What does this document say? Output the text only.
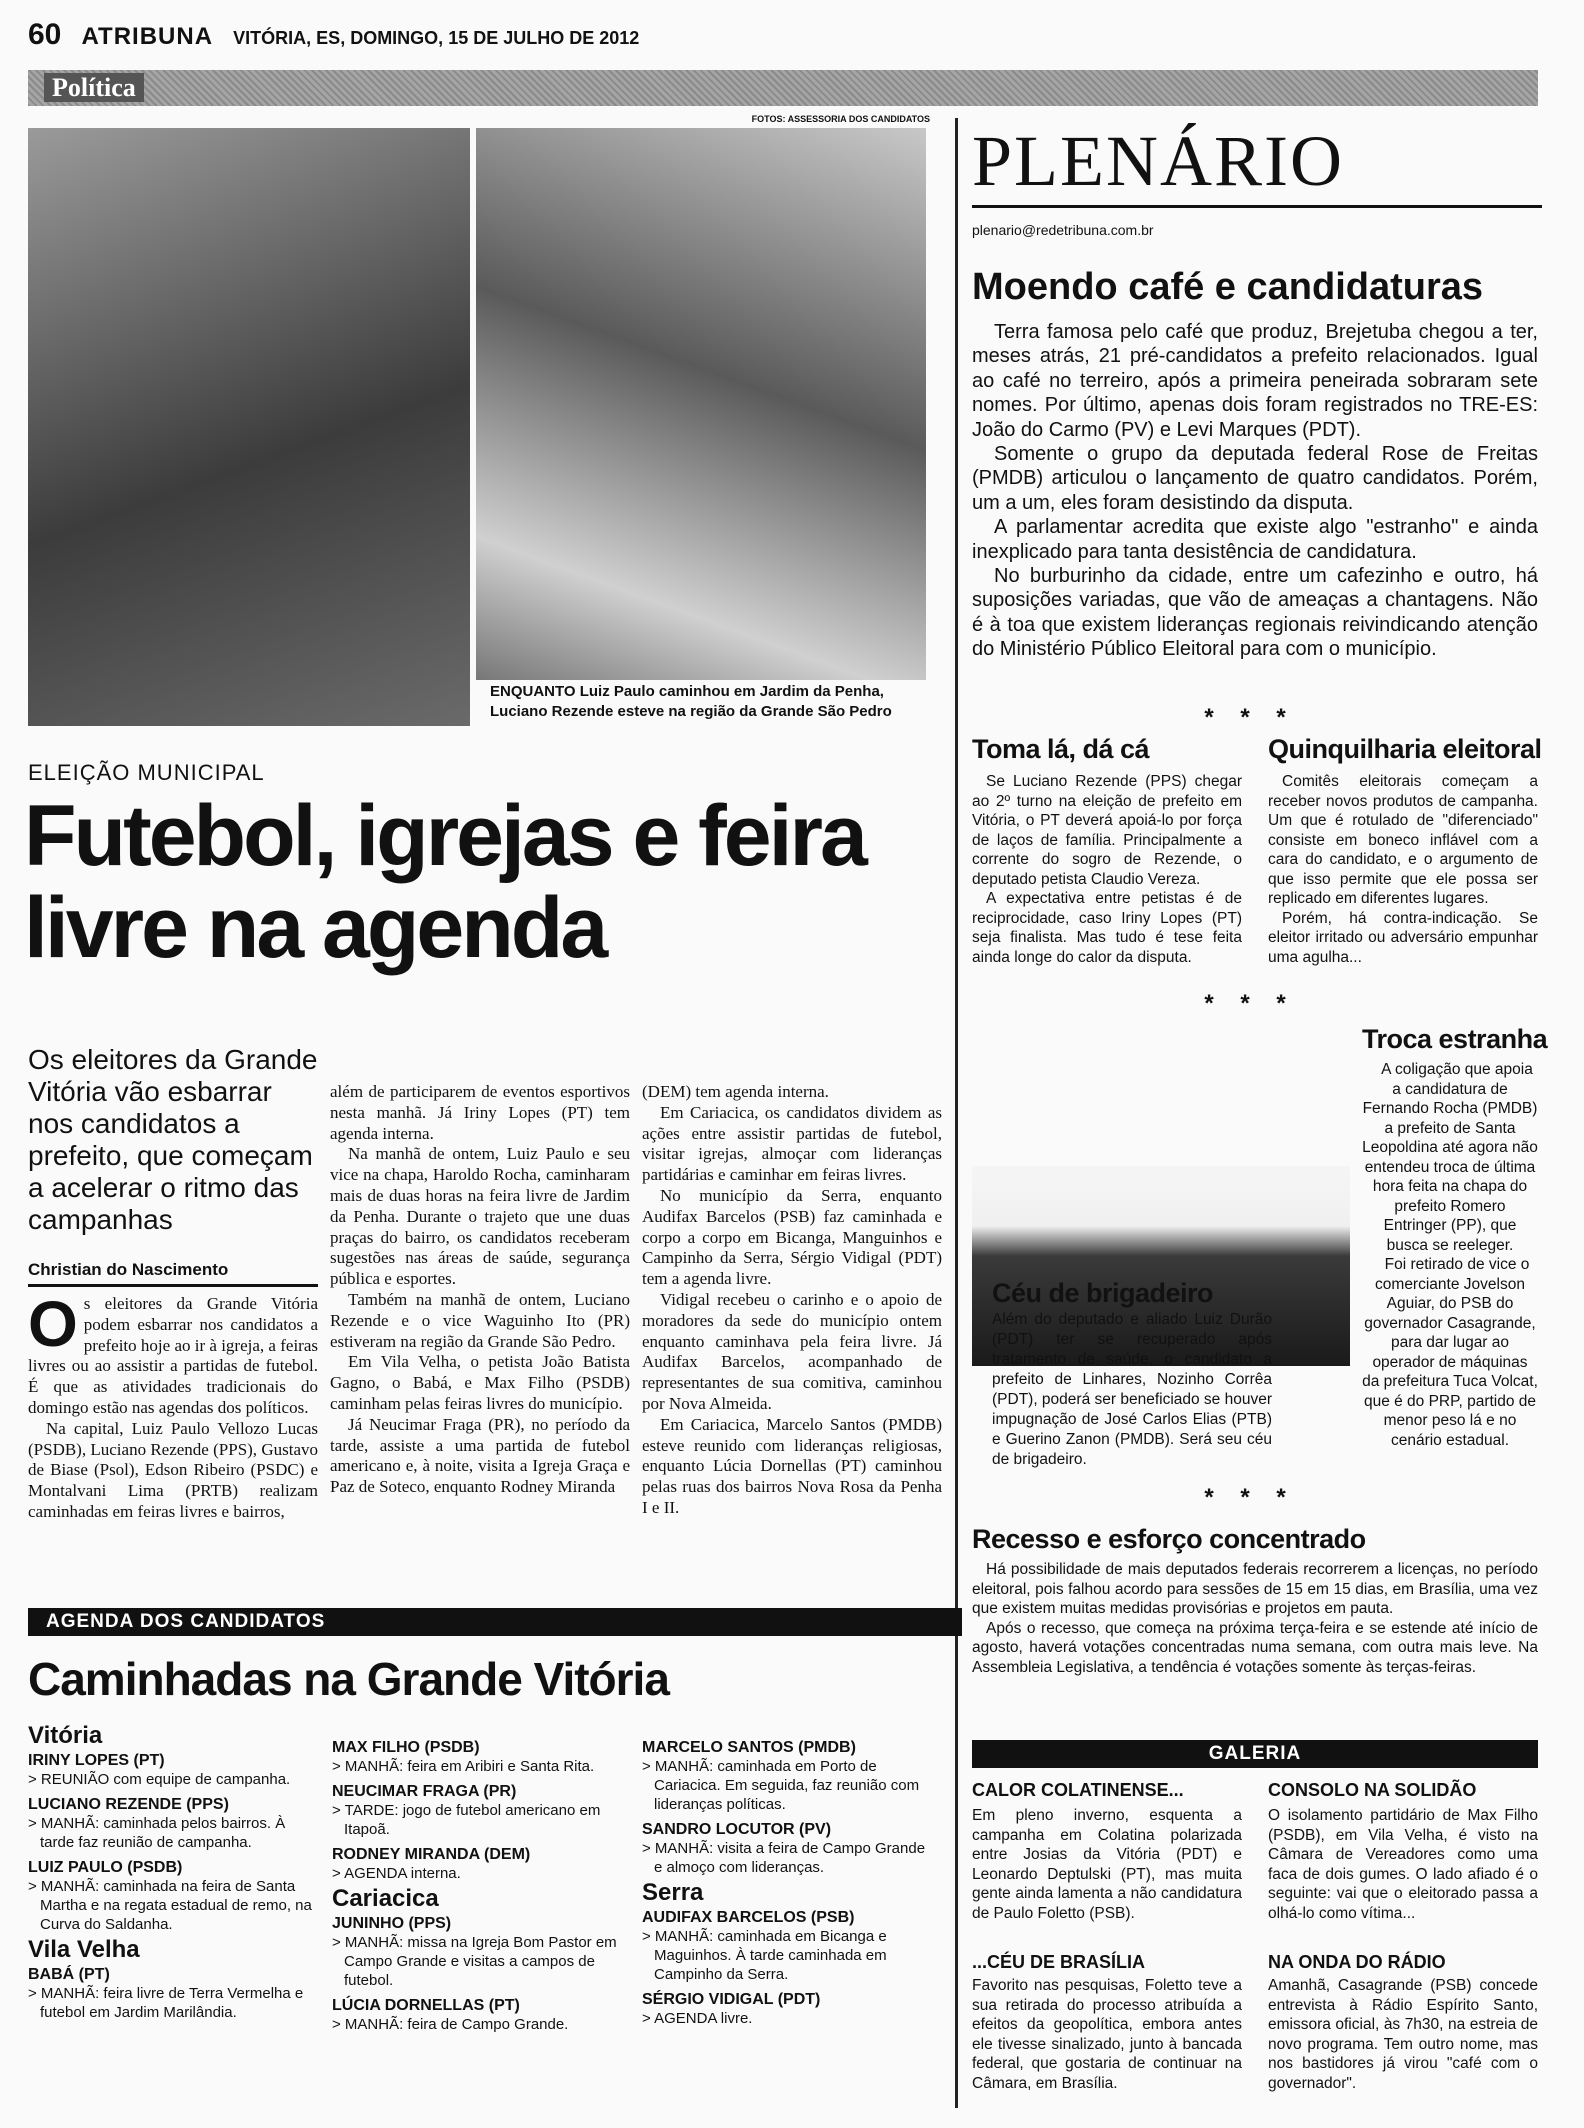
60 ATRIBUNA VITÓRIA, ES, DOMINGO, 15 DE JULHO DE 2012
Política
FOTOS: ASSESSORIA DOS CANDIDATOS
ENQUANTO Luiz Paulo caminhou em Jardim da Penha, Luciano Rezende esteve na região da Grande São Pedro
ELEIÇÃO MUNICIPAL
Futebol, igrejas e feira livre na agenda
Os eleitores da Grande Vitória vão esbarrar nos candidatos a prefeito, que começam a acelerar o ritmo das campanhas
Christian do Nascimento
O s eleitores da Grande Vitória podem esbarrar nos candidatos a prefeito hoje ao ir à igreja, a feiras livres ou ao assistir a partidas de futebol. É que as atividades tradicionais do domingo estão nas agendas dos políticos.

Na capital, Luiz Paulo Vellozo Lucas (PSDB), Luciano Rezende (PPS), Gustavo de Biase (Psol), Edson Ribeiro (PSDC) e Montalvani Lima (PRTB) realizam caminhadas em feiras livres e bairros,

além de participarem de eventos esportivos nesta manhã. Já Iriny Lopes (PT) tem agenda interna.

Na manhã de ontem, Luiz Paulo e seu vice na chapa, Haroldo Rocha, caminharam mais de duas horas na feira livre de Jardim da Penha. Durante o trajeto que une duas praças do bairro, os candidatos receberam sugestões nas áreas de saúde, segurança pública e esportes.

Também na manhã de ontem, Luciano Rezende e o vice Waguinho Ito (PR) estiveram na região da Grande São Pedro.

Em Vila Velha, o petista João Batista Gagno, o Babá, e Max Filho (PSDB) caminham pelas feiras livres do município.

Já Neucimar Fraga (PR), no período da tarde, assiste a uma partida de futebol americano e, à noite, visita a Igreja Graça e Paz de Soteco, enquanto Rodney Miranda

(DEM) tem agenda interna.

Em Cariacica, os candidatos dividem as ações entre assistir partidas de futebol, visitar igrejas, almoçar com lideranças partidárias e caminhar em feiras livres.

No município da Serra, enquanto Audifax Barcelos (PSB) faz caminhada e corpo a corpo em Bicanga, Manguinhos e Campinho da Serra, Sérgio Vidigal (PDT) tem a agenda livre.

Vidigal recebeu o carinho e o apoio de moradores da sede do município ontem enquanto caminhava pela feira livre. Já Audifax Barcelos, acompanhado de representantes de sua comitiva, caminhou por Nova Almeida.

Em Cariacica, Marcelo Santos (PMDB) esteve reunido com lideranças religiosas, enquanto Lúcia Dornellas (PT) caminhou pelas ruas dos bairros Nova Rosa da Penha I e II.

AGENDA DOS CANDIDATOS
Caminhadas na Grande Vitória
Vitória
IRINY LOPES (PT)
> REUNIÃO com equipe de campanha.
LUCIANO REZENDE (PPS)
> MANHÃ: caminhada pelos bairros. À tarde faz reunião de campanha.
LUIZ PAULO (PSDB)
> MANHÃ: caminhada na feira de Santa Martha e na regata estadual de remo, na Curva do Saldanha.
Vila Velha
BABÁ (PT)
> MANHÃ: feira livre de Terra Vermelha e futebol em Jardim Marilândia.
MAX FILHO (PSDB)
> MANHÃ: feira em Aribiri e Santa Rita.
NEUCIMAR FRAGA (PR)
> TARDE: jogo de futebol americano em Itapoã.
RODNEY MIRANDA (DEM)
> AGENDA interna.
Cariacica
JUNINHO (PPS)
> MANHÃ: missa na Igreja Bom Pastor em Campo Grande e visitas a campos de futebol.
LÚCIA DORNELLAS (PT)
> MANHÃ: feira de Campo Grande.
MARCELO SANTOS (PMDB)
> MANHÃ: caminhada em Porto de Cariacica. Em seguida, faz reunião com lideranças políticas.
SANDRO LOCUTOR (PV)
> MANHÃ: visita a feira de Campo Grande e almoço com lideranças.
Serra
AUDIFAX BARCELOS (PSB)
> MANHÃ: caminhada em Bicanga e Maguinhos. À tarde caminhada em Campinho da Serra.
SÉRGIO VIDIGAL (PDT)
> AGENDA livre.
PLENÁRIO
plenario@redetribuna.com.br
Moendo café e candidaturas

Terra famosa pelo café que produz, Brejetuba chegou a ter, meses atrás, 21 pré-candidatos a prefeito relacionados. Igual ao café no terreiro, após a primeira peneirada sobraram sete nomes. Por último, apenas dois foram registrados no TRE-ES: João do Carmo (PV) e Levi Marques (PDT).

Somente o grupo da deputada federal Rose de Freitas (PMDB) articulou o lançamento de quatro candidatos. Porém, um a um, eles foram desistindo da disputa.

A parlamentar acredita que existe algo "estranho" e ainda inexplicado para tanta desistência de candidatura.

No burburinho da cidade, entre um cafezinho e outro, há suposições variadas, que vão de ameaças a chantagens. Não é à toa que existem lideranças regionais reivindicando atenção do Ministério Público Eleitoral para com o município.

* * *
Toma lá, dá cá

Se Luciano Rezende (PPS) chegar ao 2º turno na eleição de prefeito em Vitória, o PT deverá apoiá-lo por força de laços de família. Principalmente a corrente do sogro de Rezende, o deputado petista Claudio Vereza.

A expectativa entre petistas é de reciprocidade, caso Iriny Lopes (PT) seja finalista. Mas tudo é tese feita ainda longe do calor da disputa.

Quinquilharia eleitoral

Comitês eleitorais começam a receber novos produtos de campanha. Um que é rotulado de "diferenciado" consiste em boneco inflável com a cara do candidato, e o argumento de que isso permite que ele possa ser replicado em diferentes lugares.

Porém, há contra-indicação. Se eleitor irritado ou adversário empunhar uma agulha...

* * *
Troca estranha

A coligação que apoia a candidatura de Fernando Rocha (PMDB) a prefeito de Santa Leopoldina até agora não entendeu troca de última hora feita na chapa do prefeito Romero Entringer (PP), que busca se reeleger.

Foi retirado de vice o comerciante Jovelson Aguiar, do PSB do governador Casagrande, para dar lugar ao operador de máquinas da prefeitura Tuca Volcat, que é do PRP, partido de menor peso lá e no cenário estadual.

Céu de brigadeiro
Além do deputado e aliado Luiz Durão (PDT) ter se recuperado após tratamento de saúde, o candidato a prefeito de Linhares, Nozinho Corrêa (PDT), poderá ser beneficiado se houver impugnação de José Carlos Elias (PTB) e Guerino Zanon (PMDB). Será seu céu de brigadeiro.
* * *
Recesso e esforço concentrado

Há possibilidade de mais deputados federais recorrerem a licenças, no período eleitoral, pois falhou acordo para sessões de 15 em 15 dias, em Brasília, uma vez que existem muitas medidas provisórias e projetos em pauta.

Após o recesso, que começa na próxima terça-feira e se estende até início de agosto, haverá votações concentradas numa semana, com outra mais leve. Na Assembleia Legislativa, a tendência é votações somente às terças-feiras.

GALERIA
CALOR COLATINENSE...
Em pleno inverno, esquenta a campanha em Colatina polarizada entre Josias da Vitória (PDT) e Leonardo Deptulski (PT), mas muita gente ainda lamenta a não candidatura de Paulo Foletto (PSB).
CONSOLO NA SOLIDÃO
O isolamento partidário de Max Filho (PSDB), em Vila Velha, é visto na Câmara de Vereadores como uma faca de dois gumes. O lado afiado é o seguinte: vai que o eleitorado passa a olhá-lo como vítima...
...CÉU DE BRASÍLIA
Favorito nas pesquisas, Foletto teve a sua retirada do processo atribuída a efeitos da geopolítica, embora antes ele tivesse sinalizado, junto à bancada federal, que gostaria de continuar na Câmara, em Brasília.
NA ONDA DO RÁDIO
Amanhã, Casagrande (PSB) concede entrevista à Rádio Espírito Santo, emissora oficial, às 7h30, na estreia de novo programa. Tem outro nome, mas nos bastidores já virou "café com o governador".
